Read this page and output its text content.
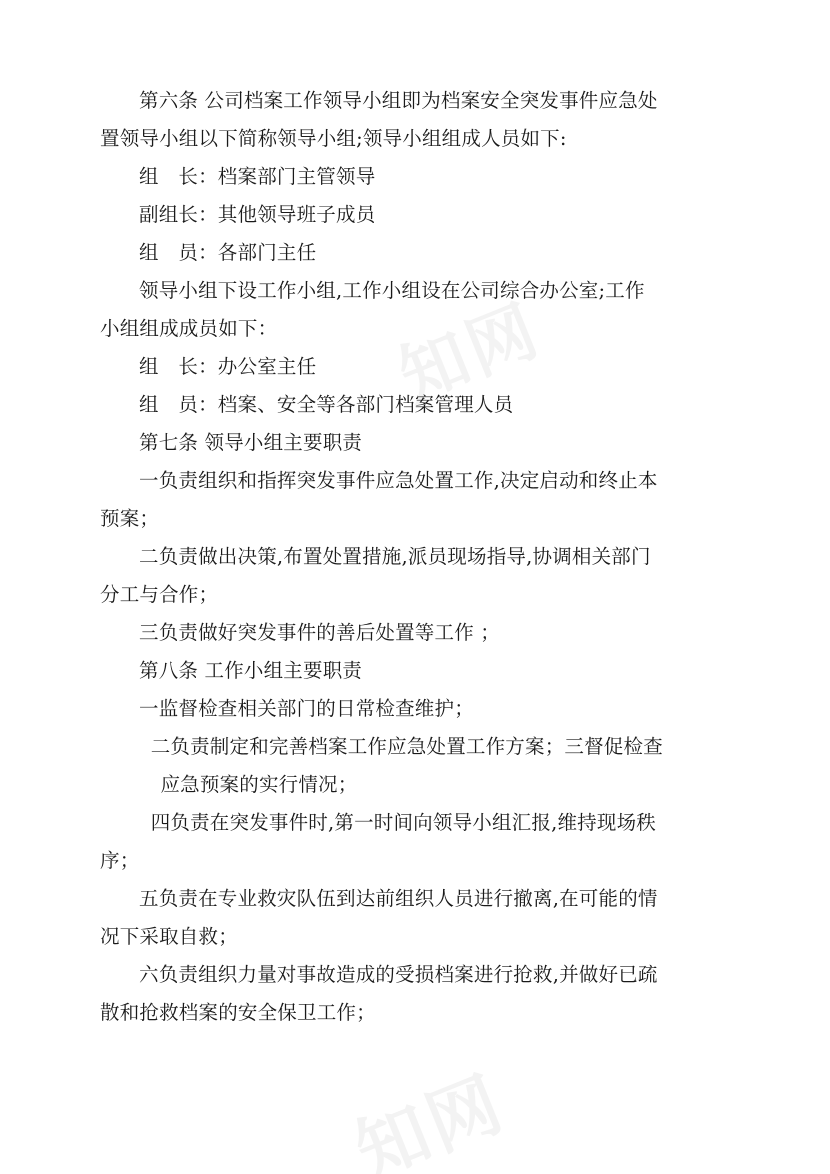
第六条 公司档案工作领导小组即为档案安全突发事件应急处

置领导小组以下简称领导小组;领导小组组成人员如下:

组　长：档案部门主管领导

副组长：其他领导班子成员

组　员：各部门主任

领导小组下设工作小组,工作小组设在公司综合办公室;工作

小组组成成员如下：

组　长：办公室主任

组　员：档案、安全等各部门档案管理人员

第七条 领导小组主要职责

一负责组织和指挥突发事件应急处置工作,决定启动和终止本

预案；

二负责做出决策,布置处置措施,派员现场指导,协调相关部门

分工与合作；

三负责做好突发事件的善后处置等工作 ；

第八条 工作小组主要职责

一监督检查相关部门的日常检查维护；

二负责制定和完善档案工作应急处置工作方案；三督促检查

应急预案的实行情况；

四负责在突发事件时,第一时间向领导小组汇报,维持现场秩

序；

五负责在专业救灾队伍到达前组织人员进行撤离,在可能的情

况下采取自救；

六负责组织力量对事故造成的受损档案进行抢救,并做好已疏

散和抢救档案的安全保卫工作；
